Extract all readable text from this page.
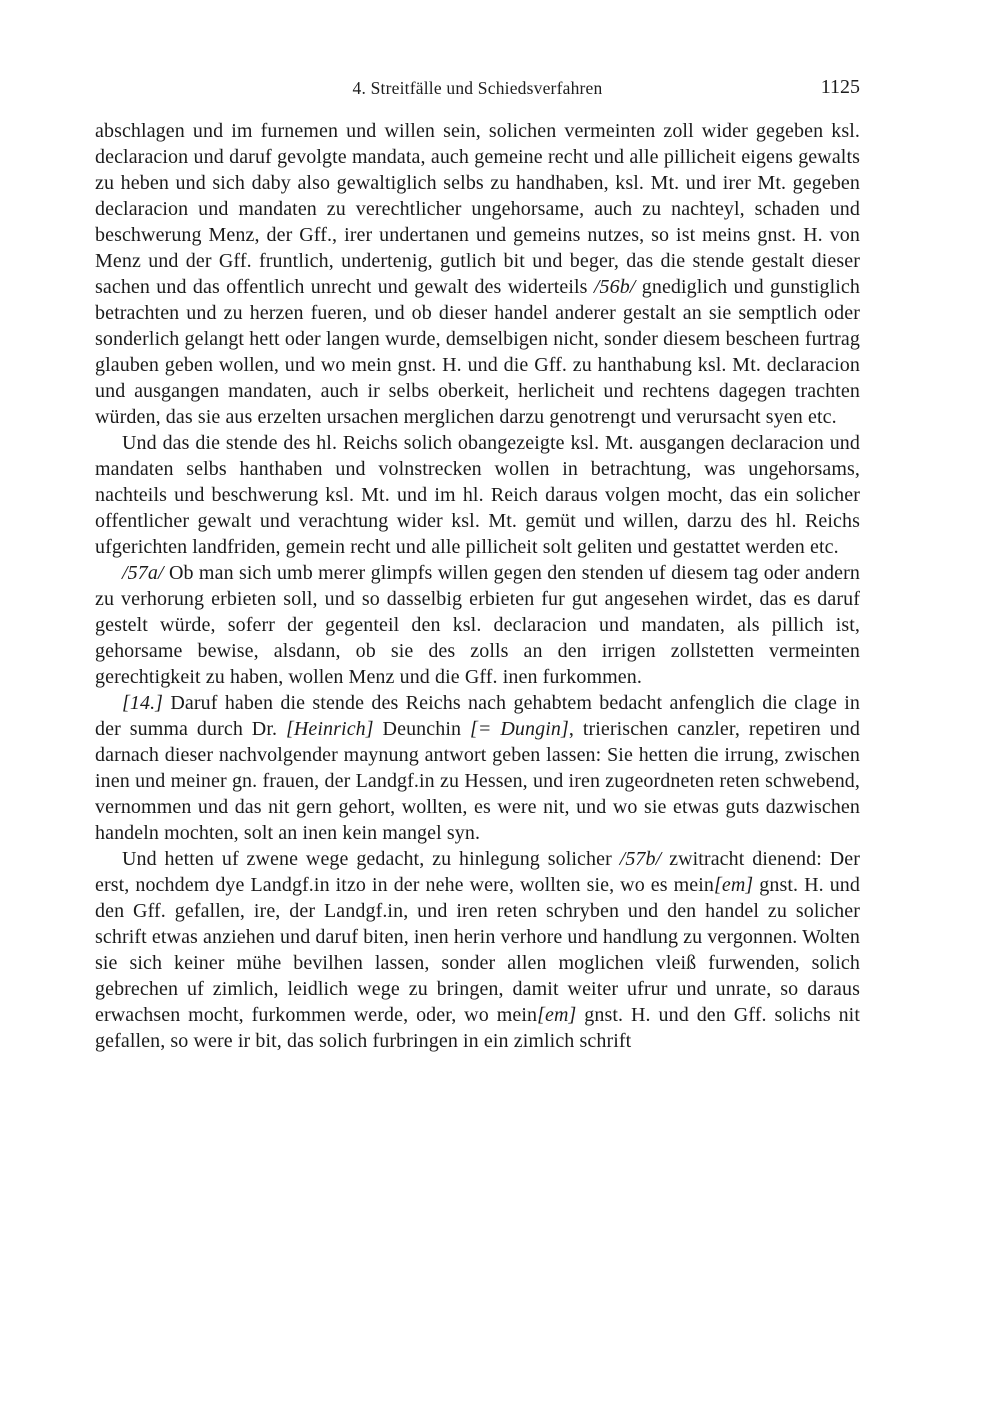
4. Streitfälle und Schiedsverfahren	1125

abschlagen und im furnemen und willen sein, solichen vermeinten zoll wider gegeben ksl. declaracion und daruf gevolgte mandata, auch gemeine recht und alle pillicheit eigens gewalts zu heben und sich daby also gewaltiglich selbs zu handhaben, ksl. Mt. und irer Mt. gegeben declaracion und mandaten zu verechtlicher ungehorsame, auch zu nachteyl, schaden und beschwerung Menz, der Gff., irer undertanen und gemeins nutzes, so ist meins gnst. H. von Menz und der Gff. fruntlich, undertenig, gutlich bit und beger, das die stende gestalt dieser sachen und das offentlich unrecht und gewalt des widerteils /56b/ gnediglich und gunstiglich betrachten und zu herzen fueren, und ob dieser handel anderer gestalt an sie semptlich oder sonderlich gelangt hett oder langen wurde, demselbigen nicht, sonder diesem bescheen furtrag glauben geben wollen, und wo mein gnst. H. und die Gff. zu hanthabung ksl. Mt. declaracion und ausgangen mandaten, auch ir selbs oberkeit, herlicheit und rechtens dagegen trachten würden, das sie aus erzelten ursachen merglichen darzu genotrengt und verursacht syen etc.

Und das die stende des hl. Reichs solich obangezeigte ksl. Mt. ausgangen declaracion und mandaten selbs hanthaben und volnstrecken wollen in betrachtung, was ungehorsams, nachteils und beschwerung ksl. Mt. und im hl. Reich daraus volgen mocht, das ein solicher offentlicher gewalt und verachtung wider ksl. Mt. gemüt und willen, darzu des hl. Reichs ufgerichten landfriden, gemein recht und alle pillicheit solt geliten und gestattet werden etc.

/57a/ Ob man sich umb merer glimpfs willen gegen den stenden uf diesem tag oder andern zu verhorung erbieten soll, und so dasselbig erbieten fur gut angesehen wirdet, das es daruf gestelt würde, soferr der gegenteil den ksl. declaracion und mandaten, als pillich ist, gehorsame bewise, alsdann, ob sie des zolls an den irrigen zollstetten vermeinten gerechtigkeit zu haben, wollen Menz und die Gff. inen furkommen.

[14.] Daruf haben die stende des Reichs nach gehabtem bedacht anfenglich die clage in der summa durch Dr. [Heinrich] Deunchin [= Dungin], trierischen canzler, repetiren und darnach dieser nachvolgender maynung antwort geben lassen: Sie hetten die irrung, zwischen inen und meiner gn. frauen, der Landgf.in zu Hessen, und iren zugeordneten reten schwebend, vernommen und das nit gern gehort, wollten, es were nit, und wo sie etwas guts dazwischen handeln mochten, solt an inen kein mangel syn.

Und hetten uf zwene wege gedacht, zu hinlegung solicher /57b/ zwitracht dienend: Der erst, nochdem dye Landgf.in itzo in der nehe were, wollten sie, wo es mein[em] gnst. H. und den Gff. gefallen, ire, der Landgf.in, und iren reten schryben und den handel zu solicher schrift etwas anziehen und daruf biten, inen herin verhore und handlung zu vergonnen. Wolten sie sich keiner mühe bevilhen lassen, sonder allen moglichen vleiß furwenden, solich gebrechen uf zimlich, leidlich wege zu bringen, damit weiter ufrur und unrate, so daraus erwachsen mocht, furkommen werde, oder, wo mein[em] gnst. H. und den Gff. solichs nit gefallen, so were ir bit, das solich furbringen in ein zimlich schrift
